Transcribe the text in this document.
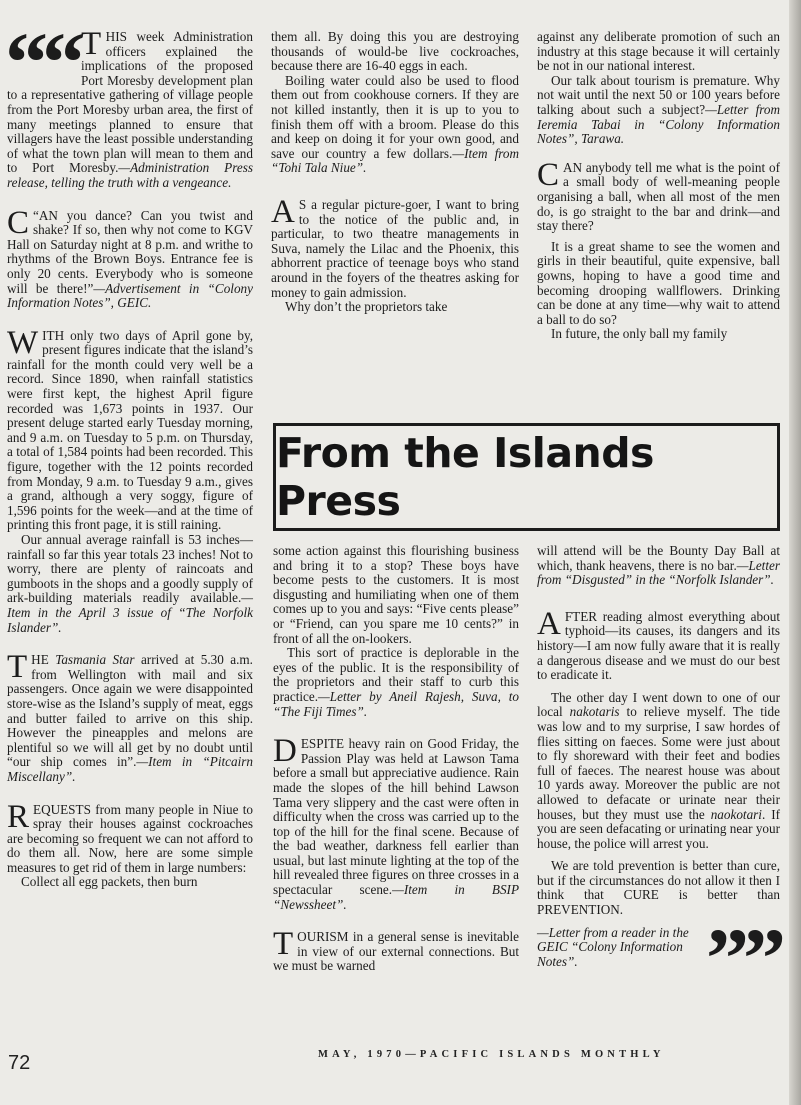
““ T HIS week Administration officers explained the implications of the proposed Port Moresby development plan to a representative gathering of village people from the Port Moresby urban area, the first of many meetings planned to ensure that villagers have the least possible understanding of what the town plan will mean to them and to Port Moresby.—Administration Press release, telling the truth with a vengeance.

“
C AN you dance? Can you twist and shake? If so, then why not come to KGV Hall on Saturday night at 8 p.m. and writhe to rhythms of the Brown Boys. Entrance fee is only 20 cents. Everybody who is someone will be there!”—Advertisement in “Colony Information Notes”, GEIC.

WITH only two days of April gone by, present figures indicate that the island’s rainfall for the month could very well be a record. Since 1890, when rainfall statistics were first kept, the highest April figure recorded was 1,673 points in 1937. Our present deluge started early Tuesday morning, and 9 a.m. on Tuesday to 5 p.m. on Thursday, a total of 1,584 points had been recorded. This figure, together with the 12 points recorded from Monday, 9 a.m. to Tuesday 9 a.m., gives a grand, although a very soggy, figure of 1,596 points for the week—and at the time of printing this front page, it is still raining.

Our annual average rainfall is 53 inches—rainfall so far this year totals 23 inches! Not to worry, there are plenty of raincoats and gumboots in the shops and a goodly supply of ark-building materials readily available.—Item in the April 3 issue of “The Norfolk Islander”.

THE Tasmania Star arrived at 5.30 a.m. from Wellington with mail and six passengers. Once again we were disappointed store-wise as the Island’s supply of meat, eggs and butter failed to arrive on this ship. However the pineapples and melons are plentiful so we will all get by no doubt until “our ship comes in”.—Item in “Pitcairn Miscellany”.

REQUESTS from many people in Niue to spray their houses against cockroaches are becoming so frequent we can not afford to do them all. Now, here are some simple measures to get rid of them in large numbers:

Collect all egg packets, then burn

them all. By doing this you are destroying thousands of would-be live cockroaches, because there are 16-40 eggs in each.

Boiling water could also be used to flood them out from cookhouse corners. If they are not killed instantly, then it is up to you to finish them off with a broom. Please do this and keep on doing it for your own good, and save our country a few dollars.—Item from “Tohi Tala Niue”.

A S a regular picture-goer, I want to bring to the notice of the public and, in particular, to two theatre managements in Suva, namely the Lilac and the Phoenix, this abhorrent practice of teenage boys who stand around in the foyers of the theatres asking for money to gain admission.

Why don’t the proprietors take

against any deliberate promotion of such an industry at this stage because it will certainly be not in our national interest.

Our talk about tourism is premature. Why not wait until the next 50 or 100 years before talking about such a subject?—Letter from Ieremia Tabai in “Colony Information Notes”, Tarawa.

CAN anybody tell me what is the point of a small body of well-meaning people organising a ball, when all most of the men do, is go straight to the bar and drink—and stay there?

It is a great shame to see the women and girls in their beautiful, quite expensive, ball gowns, hoping to have a good time and becoming drooping wallflowers. Drinking can be done at any time—why wait to attend a ball to do so?

In future, the only ball my family

From the Islands Press

some action against this flourishing business and bring it to a stop? These boys have become pests to the customers. It is most disgusting and humiliating when one of them comes up to you and says: “Five cents please” or “Friend, can you spare me 10 cents?” in front of all the on-lookers.

This sort of practice is deplorable in the eyes of the public. It is the responsibility of the proprietors and their staff to curb this practice.—Letter by Aneil Rajesh, Suva, to “The Fiji Times”.

DESPITE heavy rain on Good Friday, the Passion Play was held at Lawson Tama before a small but appreciative audience. Rain made the slopes of the hill behind Lawson Tama very slippery and the cast were often in difficulty when the cross was carried up to the top of the hill for the final scene. Because of the bad weather, darkness fell earlier than usual, but last minute lighting at the top of the hill revealed three figures on three crosses in a spectacular scene.—Item in BSIP “Newssheet”.

TOURISM in a general sense is inevitable in view of our external connections. But we must be warned

will attend will be the Bounty Day Ball at which, thank heavens, there is no bar.—Letter from “Disgusted” in the “Norfolk Islander”.

AFTER reading almost everything about typhoid—its causes, its dangers and its history—I am now fully aware that it is really a dangerous disease and we must do our best to eradicate it.

The other day I went down to one of our local nakotaris to relieve myself. The tide was low and to my surprise, I saw hordes of flies sitting on faeces. Some were just about to fly shoreward with their feet and bodies full of faeces. The nearest house was about 10 yards away. Moreover the public are not allowed to defacate or urinate near their houses, but they must use the naokotari. If you are seen defacating or urinating near your house, the police will arrest you.

We are told prevention is better than cure, but if the circumstances do not allow it then I think that CURE is better than PREVENTION.

””
—Letter from a reader in the GEIC “Colony Information Notes”.

72	MAY, 1970—PACIFIC ISLANDS MONTHLY
